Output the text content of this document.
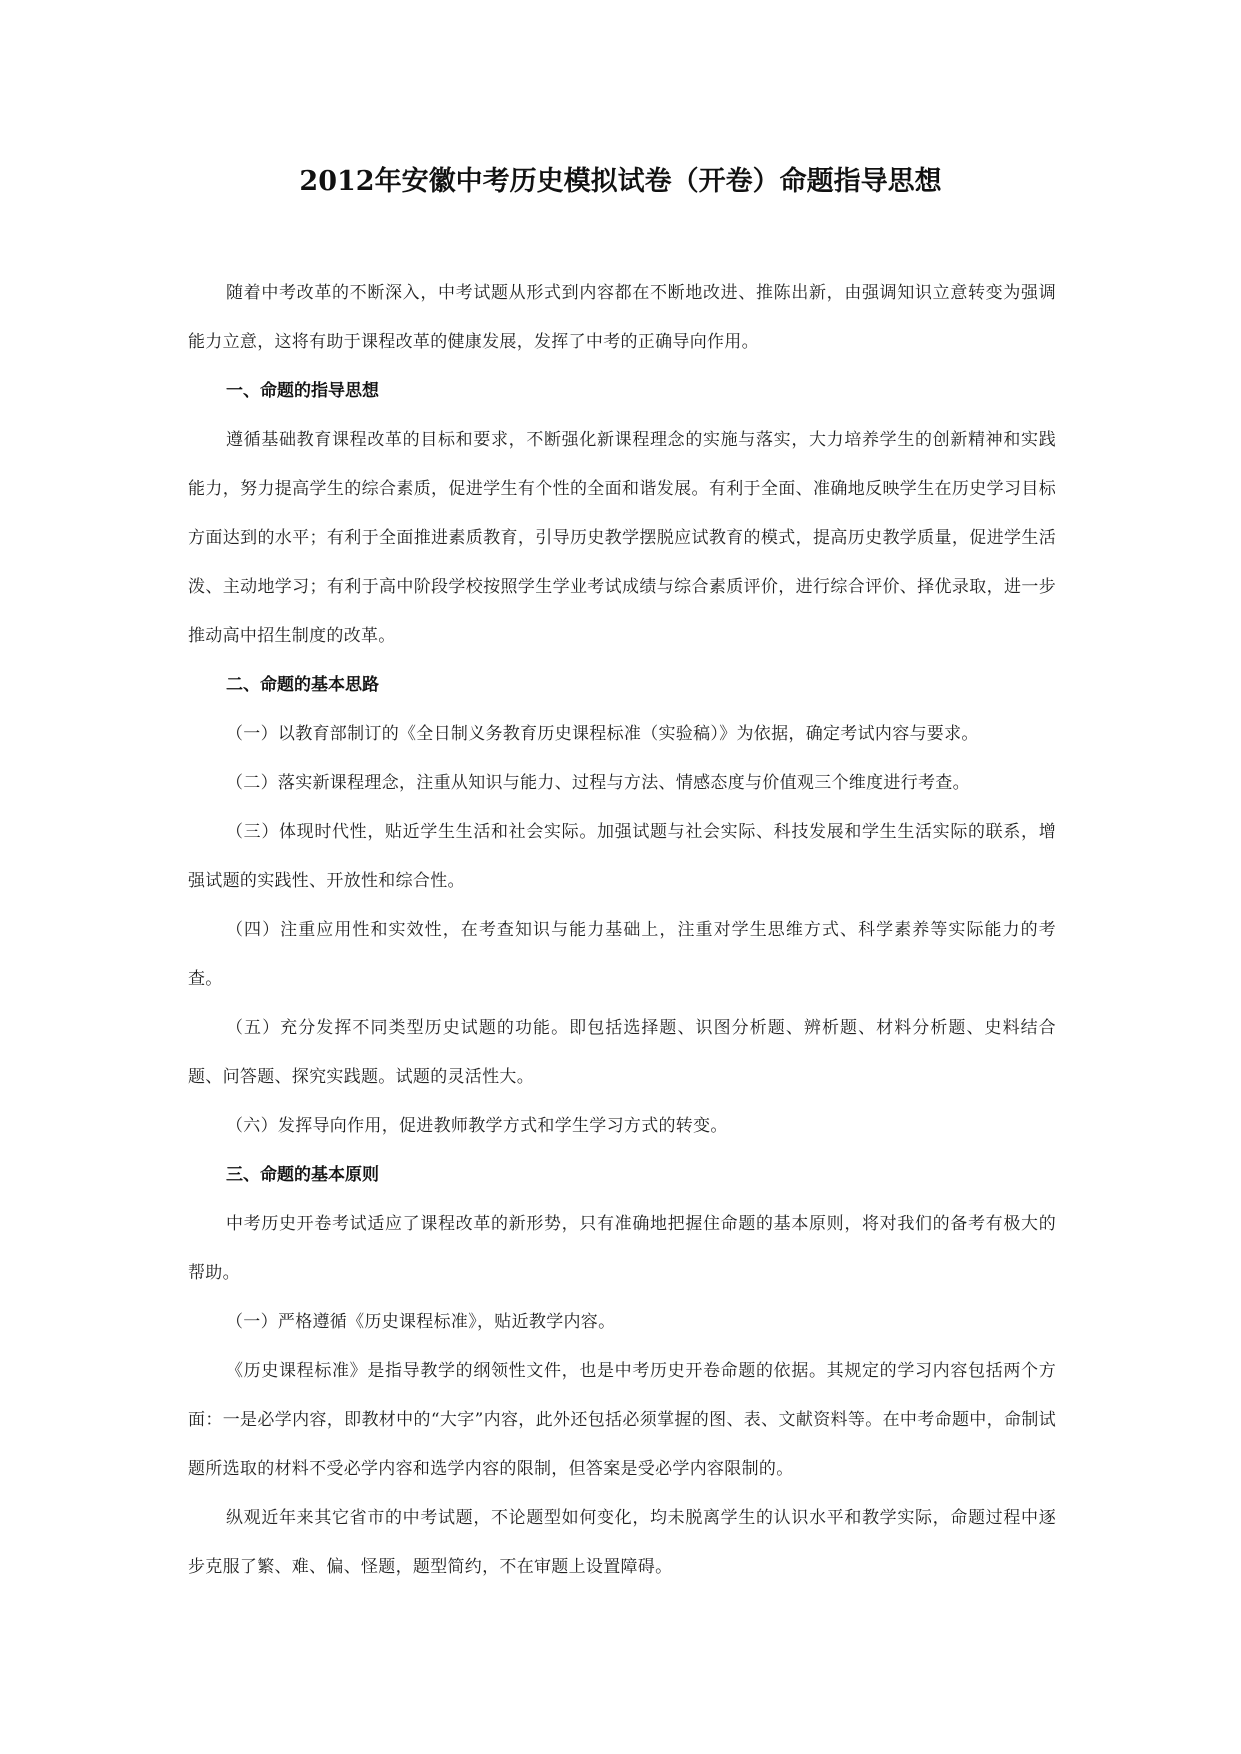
2012年安徽中考历史模拟试卷（开卷）命题指导思想

随着中考改革的不断深入，中考试题从形式到内容都在不断地改进、推陈出新，由强调知识立意转变为强调能力立意，这将有助于课程改革的健康发展，发挥了中考的正确导向作用。

一、命题的指导思想

遵循基础教育课程改革的目标和要求，不断强化新课程理念的实施与落实，大力培养学生的创新精神和实践能力，努力提高学生的综合素质，促进学生有个性的全面和谐发展。有利于全面、准确地反映学生在历史学习目标方面达到的水平；有利于全面推进素质教育，引导历史教学摆脱应试教育的模式，提高历史教学质量，促进学生活泼、主动地学习；有利于高中阶段学校按照学生学业考试成绩与综合素质评价，进行综合评价、择优录取，进一步推动高中招生制度的改革。

二、命题的基本思路

（一）以教育部制订的《全日制义务教育历史课程标准（实验稿）》为依据，确定考试内容与要求。

（二）落实新课程理念，注重从知识与能力、过程与方法、情感态度与价值观三个维度进行考查。

（三）体现时代性，贴近学生生活和社会实际。加强试题与社会实际、科技发展和学生生活实际的联系，增强试题的实践性、开放性和综合性。

（四）注重应用性和实效性，在考查知识与能力基础上，注重对学生思维方式、科学素养等实际能力的考查。

（五）充分发挥不同类型历史试题的功能。即包括选择题、识图分析题、辨析题、材料分析题、史料结合题、问答题、探究实践题。试题的灵活性大。

（六）发挥导向作用，促进教师教学方式和学生学习方式的转变。

三、命题的基本原则

中考历史开卷考试适应了课程改革的新形势，只有准确地把握住命题的基本原则，将对我们的备考有极大的帮助。

（一）严格遵循《历史课程标准》，贴近教学内容。

《历史课程标准》是指导教学的纲领性文件，也是中考历史开卷命题的依据。其规定的学习内容包括两个方面：一是必学内容，即教材中的“大字”内容，此外还包括必须掌握的图、表、文献资料等。在中考命题中，命制试题所选取的材料不受必学内容和选学内容的限制，但答案是受必学内容限制的。

纵观近年来其它省市的中考试题，不论题型如何变化，均未脱离学生的认识水平和教学实际，命题过程中逐步克服了繁、难、偏、怪题，题型简约，不在审题上设置障碍。
